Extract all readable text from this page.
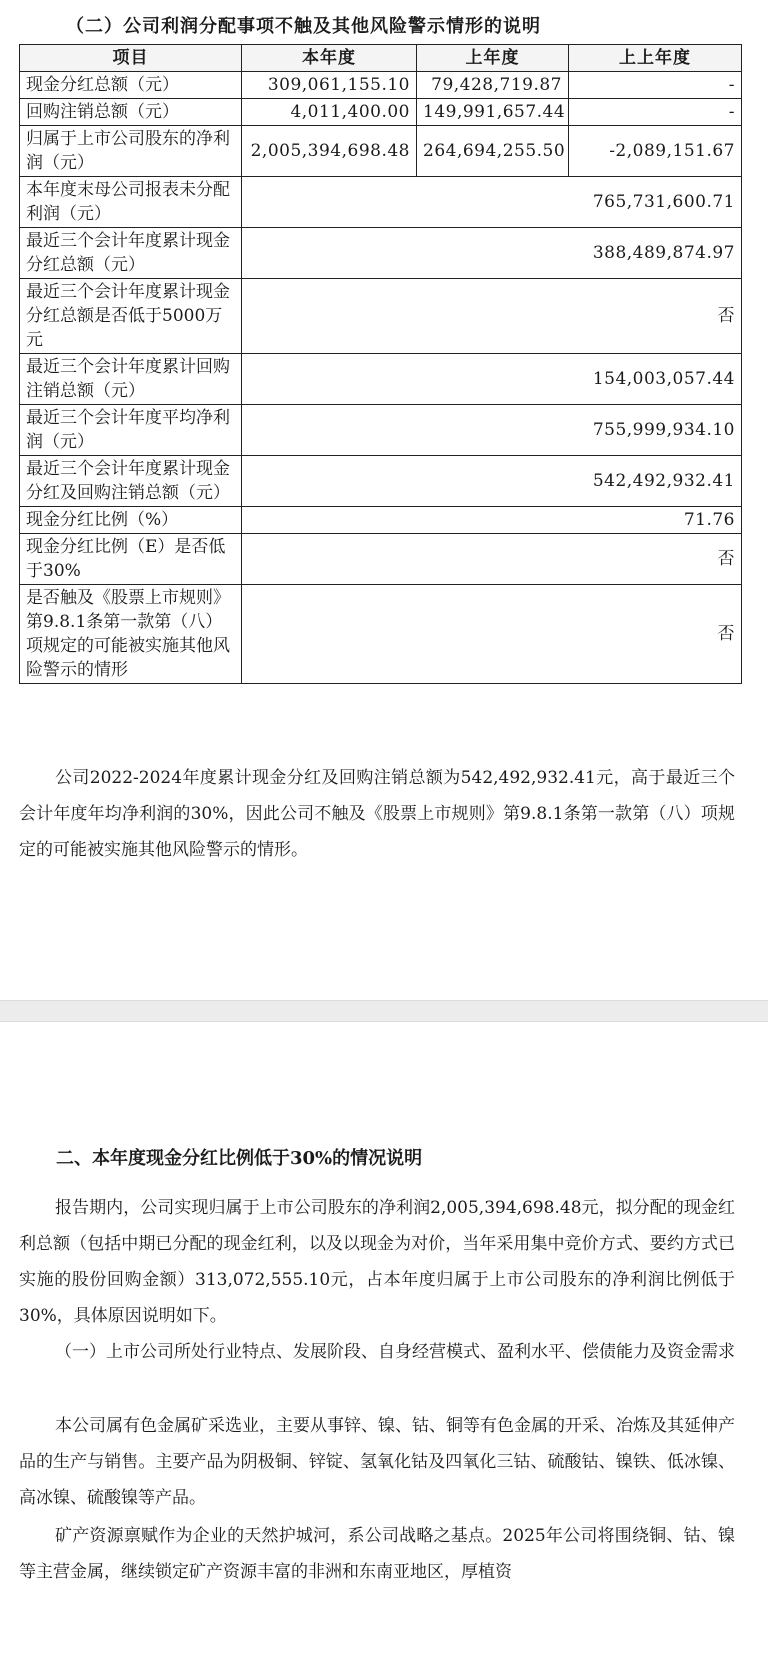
（二）公司利润分配事项不触及其他风险警示情形的说明
项目	本年度	上年度	上上年度
现金分红总额（元）	309,061,155.10	79,428,719.87	-
回购注销总额（元）	4,011,400.00	149,991,657.44	-
归属于上市公司股东的净利润（元）	2,005,394,698.48	264,694,255.50	-2,089,151.67
本年度末母公司报表未分配利润（元）	765,731,600.71		
最近三个会计年度累计现金分红总额（元）	388,489,874.97		
最近三个会计年度累计现金分红总额是否低于5000万元	否		
最近三个会计年度累计回购注销总额（元）	154,003,057.44		
最近三个会计年度平均净利润（元）	755,999,934.10		
最近三个会计年度累计现金分红及回购注销总额（元）	542,492,932.41		
现金分红比例（%）	71.76		
现金分红比例（E）是否低于30%	否		
是否触及《股票上市规则》第9.8.1条第一款第（八）项规定的可能被实施其他风险警示的情形	否		
公司2022-2024年度累计现金分红及回购注销总额为542,492,932.41元，高于最近三个会计年度年均净利润的30%，因此公司不触及《股票上市规则》第9.8.1条第一款第（八）项规定的可能被实施其他风险警示的情形。
二、本年度现金分红比例低于30%的情况说明
报告期内，公司实现归属于上市公司股东的净利润2,005,394,698.48元，拟分配的现金红利总额（包括中期已分配的现金红利，以及以现金为对价，当年采用集中竞价方式、要约方式已实施的股份回购金额）313,072,555.10元，占本年度归属于上市公司股东的净利润比例低于30%，具体原因说明如下。
（一）上市公司所处行业特点、发展阶段、自身经营模式、盈利水平、偿债能力及资金需求
本公司属有色金属矿采选业，主要从事锌、镍、钴、铜等有色金属的开采、冶炼及其延伸产品的生产与销售。主要产品为阴极铜、锌锭、氢氧化钴及四氧化三钴、硫酸钴、镍铁、低冰镍、高冰镍、硫酸镍等产品。
矿产资源禀赋作为企业的天然护城河，系公司战略之基点。2025年公司将围绕铜、钴、镍等主营金属，继续锁定矿产资源丰富的非洲和东南亚地区，厚植资
